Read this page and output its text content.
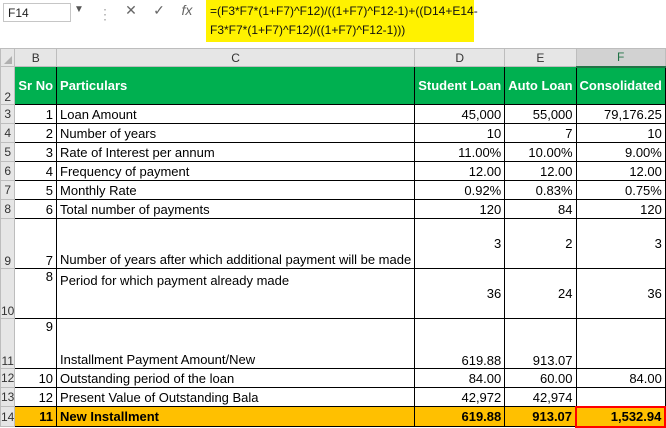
F14	▼ ⋮ ✕ ✓ fx =(F3*F7*(1+F7)^F12)/((1+F7)^F12-1)+((D14+E14-
F3*F7*(1+F7)^F12)/((1+F7)^F12-1)))
	B	C	D	E	F
2	Sr No	Particulars	Student Loan	Auto Loan	Consolidated
3	1	Loan Amount	45,000	55,000	79,176.25
4	2	Number of years	10	7	10
5	3	Rate of Interest per annum	11.00%	10.00%	9.00%
6	4	Frequency of payment	12.00	12.00	12.00
7	5	Monthly Rate	0.92%	0.83%	0.75%
8	6	Total number of payments	120	84	120
9	7	Number of years after which additional payment will be made	3	2	3
10	8	Period for which payment already made	36	24	36
11	9	Installment Payment Amount/New	619.88	913.07	
12	10	Outstanding period of the loan	84.00	60.00	84.00
13	12	Present Value of Outstanding Bala	42,972	42,974	
14	11	New Installment	619.88	913.07	1,532.94
